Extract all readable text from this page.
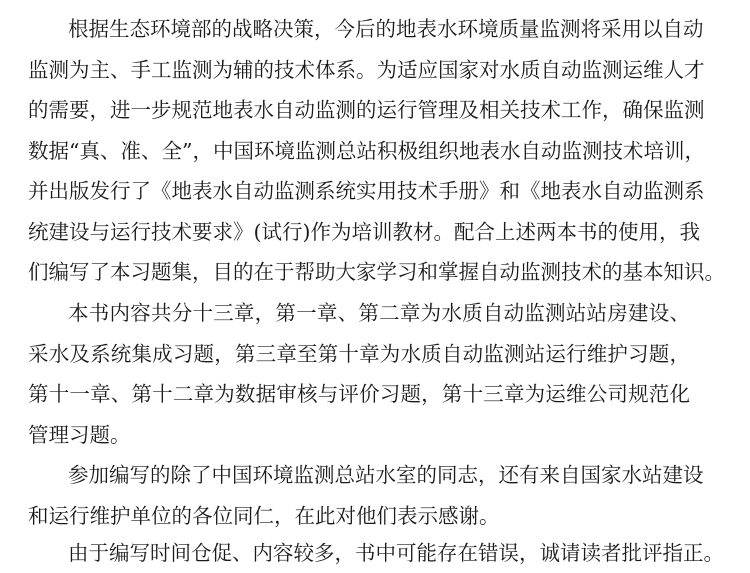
根据生态环境部的战略决策，今后的地表水环境质量监测将采用以自动
监测为主、手工监测为辅的技术体系。为适应国家对水质自动监测运维人才
的需要，进一步规范地表水自动监测的运行管理及相关技术工作，确保监测
数据“真、准、全”，中国环境监测总站积极组织地表水自动监测技术培训，
并出版发行了《地表水自动监测系统实用技术手册》和《地表水自动监测系
统建设与运行技术要求》(试行)作为培训教材。配合上述两本书的使用，我
们编写了本习题集，目的在于帮助大家学习和掌握自动监测技术的基本知识。
本书内容共分十三章，第一章、第二章为水质自动监测站站房建设、
采水及系统集成习题，第三章至第十章为水质自动监测站运行维护习题，
第十一章、第十二章为数据审核与评价习题，第十三章为运维公司规范化
管理习题。
参加编写的除了中国环境监测总站水室的同志，还有来自国家水站建设
和运行维护单位的各位同仁，在此对他们表示感谢。
由于编写时间仓促、内容较多，书中可能存在错误，诚请读者批评指正。
